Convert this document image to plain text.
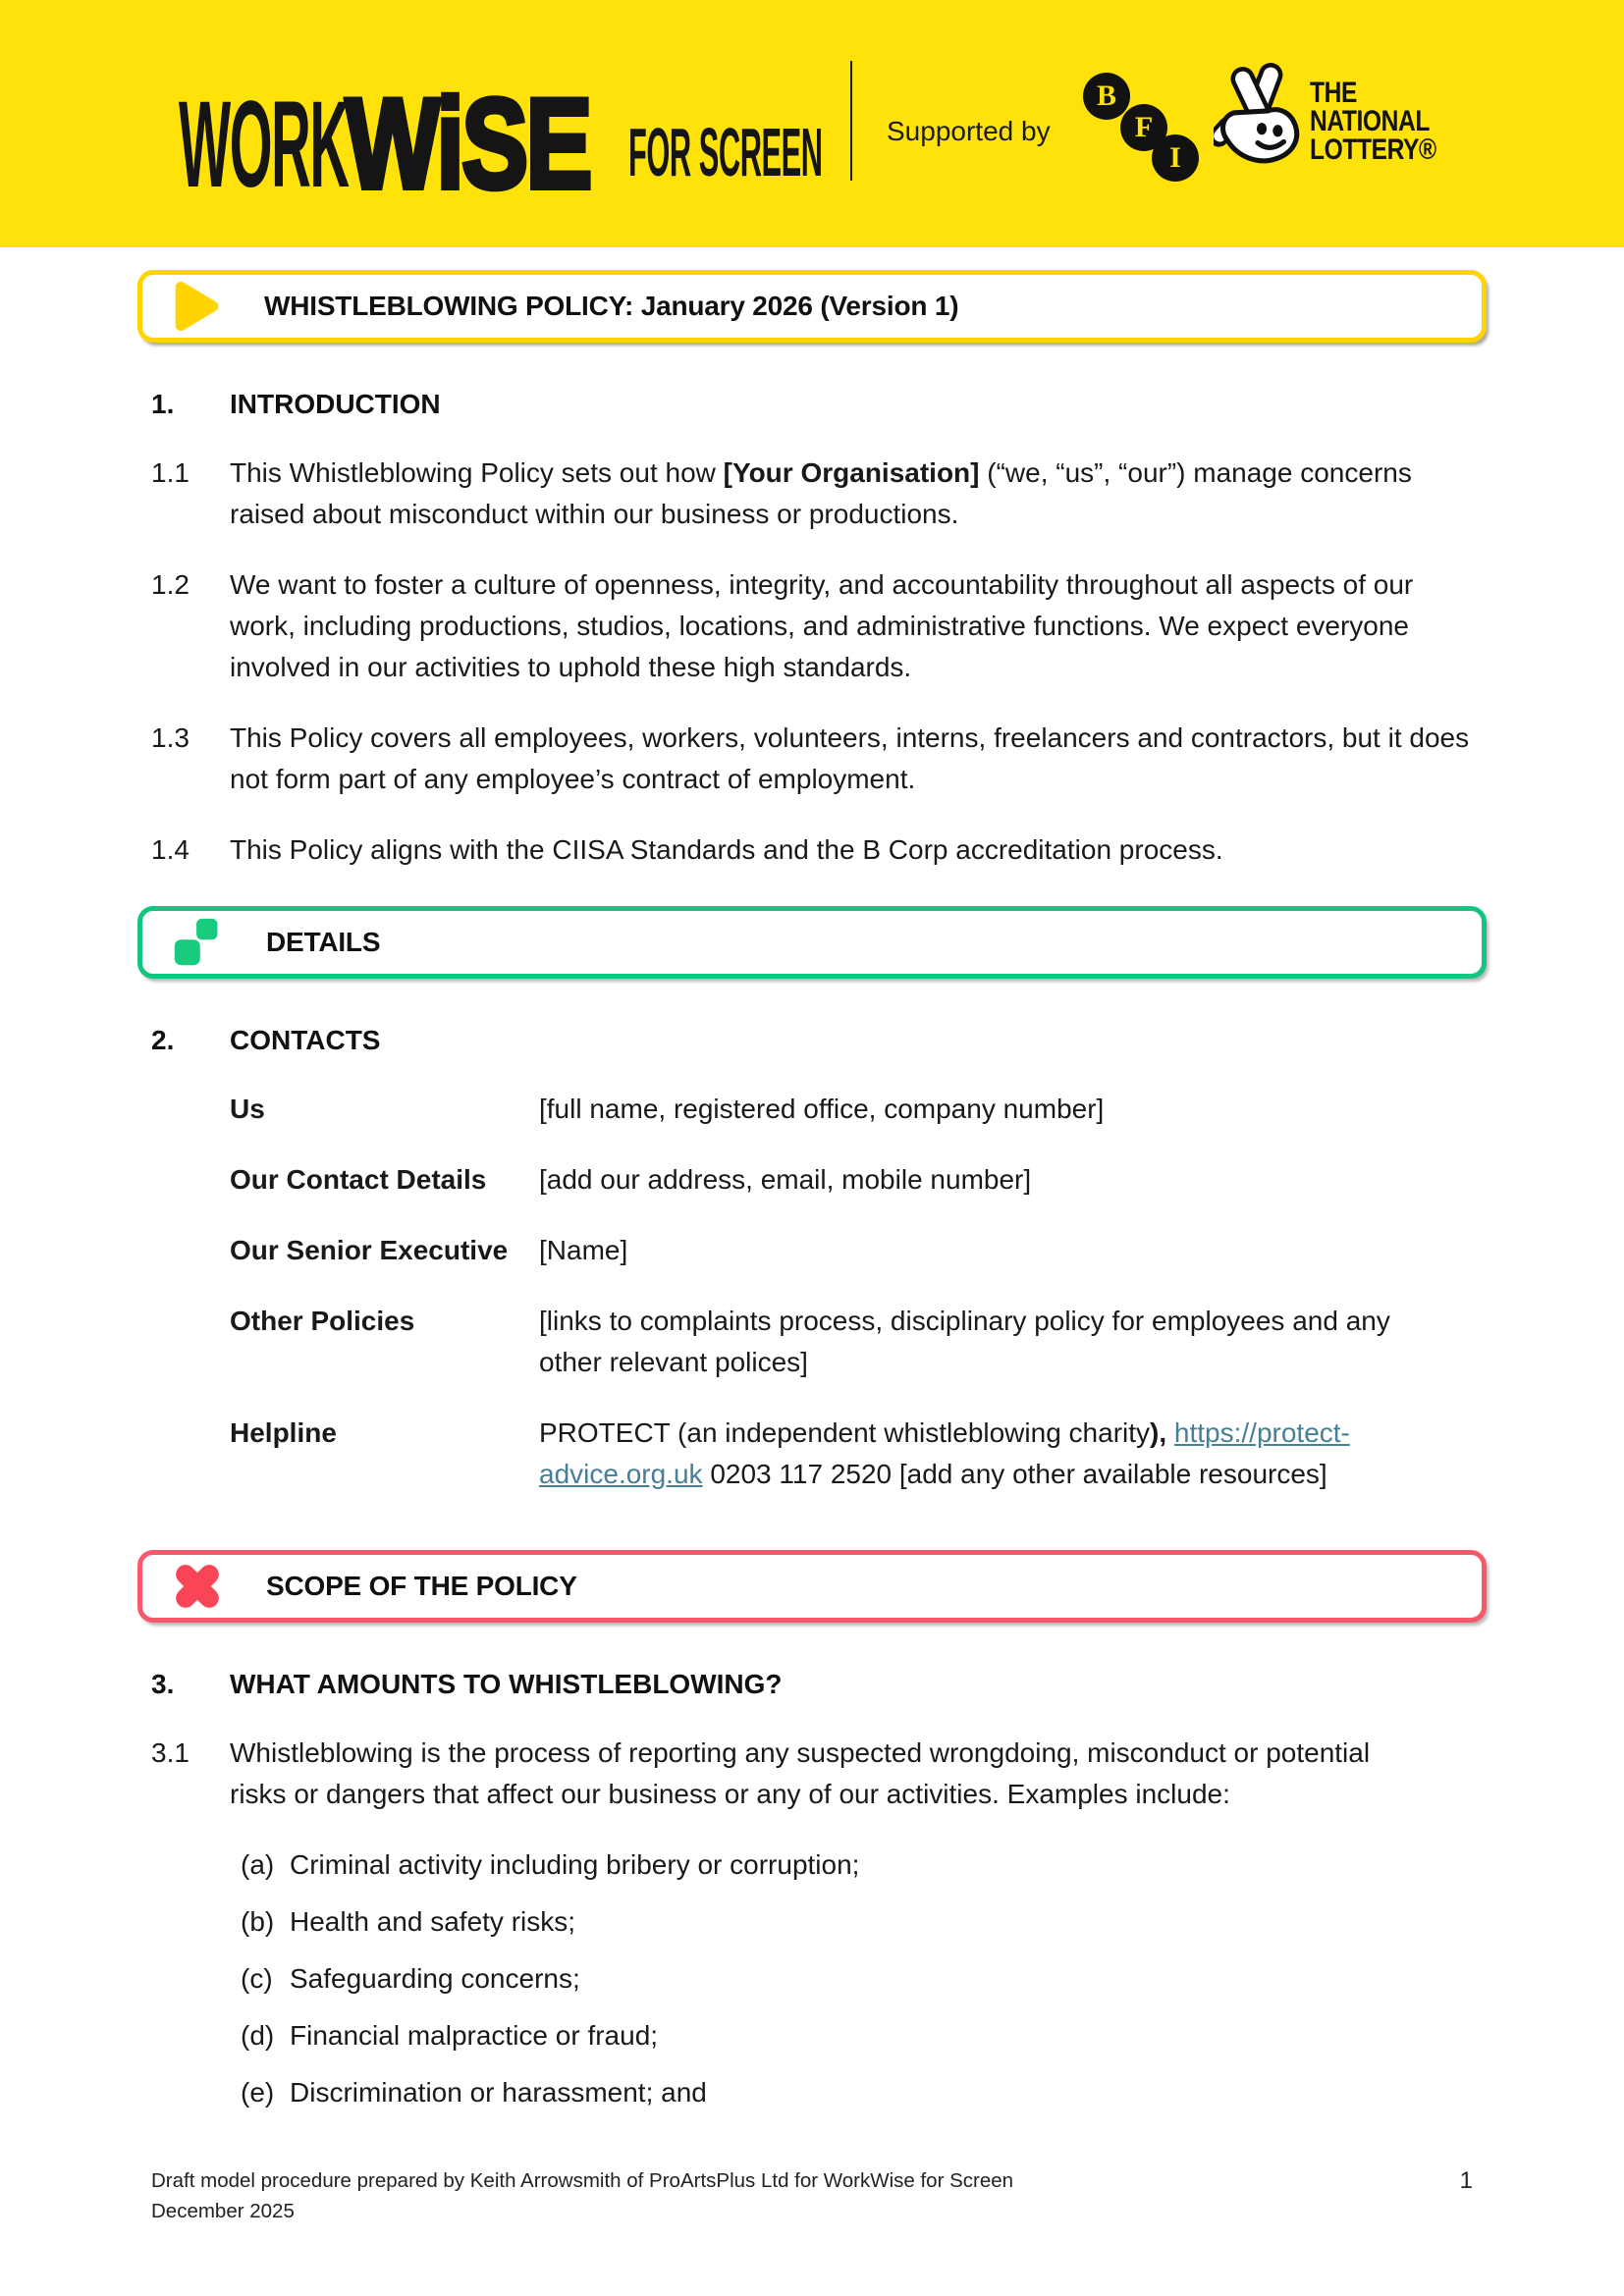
WORK
WiSE FOR SCREEN Supported by
B
F
I
THE
NATIONAL
LOTTERY®
WHISTLEBLOWING POLICY: January 2026 (Version 1)
1.	INTRODUCTION
1.1	This Whistleblowing Policy sets out how [Your Organisation] (“we, “us”, “our”) manage concerns raised about misconduct within our business or productions.

1.2	We want to foster a culture of openness, integrity, and accountability throughout all aspects of our work, including productions, studios, locations, and administrative functions. We expect everyone involved in our activities to uphold these high standards.

1.3	This Policy covers all employees, workers, volunteers, interns, freelancers and contractors, but it does not form part of any employee’s contract of employment.

1.4	This Policy aligns with the CIISA Standards and the B Corp accreditation process.

DETAILS
2.	CONTACTS
Us	[full name, registered office, company number]
Our Contact Details	[add our address, email, mobile number]
Our Senior Executive	[Name]
Other Policies	[links to complaints process, disciplinary policy for employees and any other relevant polices]
Helpline	PROTECT (an independent whistleblowing charity), https://protect-advice.org.uk 0203 117 2520 [add any other available resources]
SCOPE OF THE POLICY
3.	WHAT AMOUNTS TO WHISTLEBLOWING?
3.1	Whistleblowing is the process of reporting any suspected wrongdoing, misconduct or potential risks or dangers that affect our business or any of our activities. Examples include:

(a) Criminal activity including bribery or corruption;
(b) Health and safety risks;
(c) Safeguarding concerns;
(d) Financial malpractice or fraud;
(e) Discrimination or harassment; and
Draft model procedure prepared by Keith Arrowsmith of ProArtsPlus Ltd for WorkWise for Screen
December 2025
1
